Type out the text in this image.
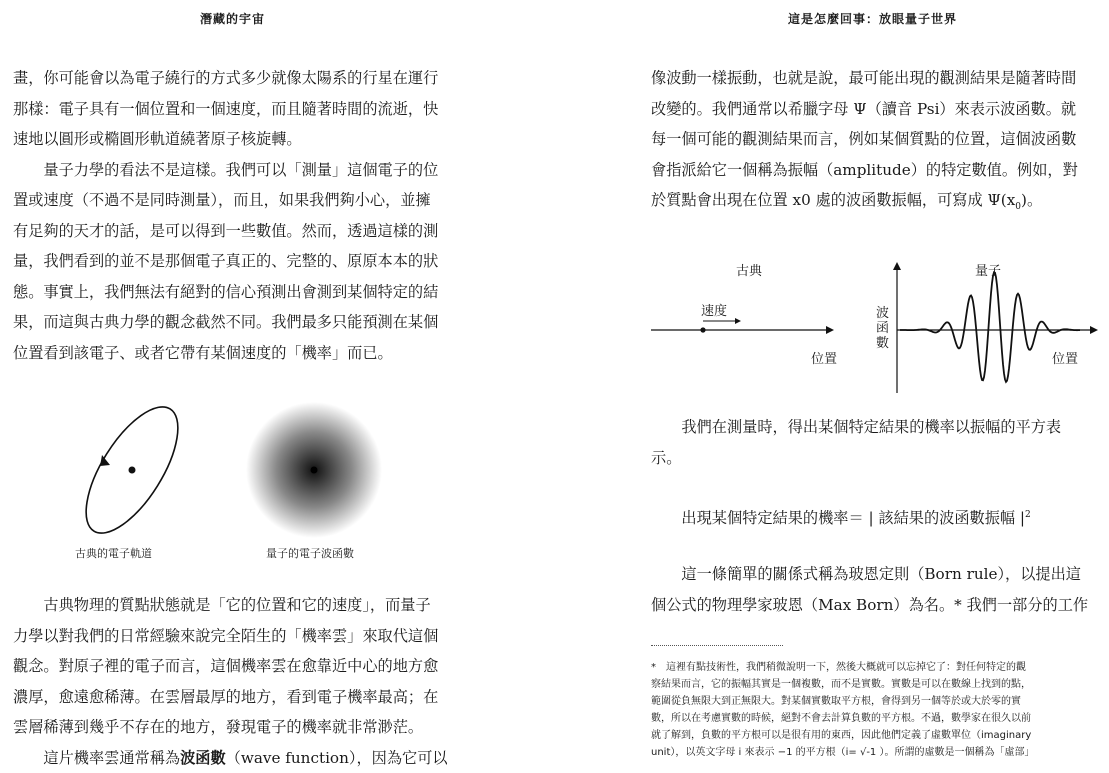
潛藏的宇宙
畫，你可能會以為電子繞行的方式多少就像太陽系的行星在運行
那樣：電子具有一個位置和一個速度，而且隨著時間的流逝，快
速地以圓形或橢圓形軌道繞著原子核旋轉。
量子力學的看法不是這樣。我們可以「測量」這個電子的位
置或速度（不過不是同時測量），而且，如果我們夠小心，並擁
有足夠的天才的話，是可以得到一些數值。然而，透過這樣的測
量，我們看到的並不是那個電子真正的、完整的、原原本本的狀
態。事實上，我們無法有絕對的信心預測出會測到某個特定的結
果，而這與古典力學的觀念截然不同。我們最多只能預測在某個
位置看到該電子、或者它帶有某個速度的「機率」而已。
古典的電子軌道	量子的電子波函數
古典物理的質點狀態就是「它的位置和它的速度」，而量子
力學以對我們的日常經驗來說完全陌生的「機率雲」來取代這個
觀念。對原子裡的電子而言，這個機率雲在愈靠近中心的地方愈
濃厚，愈遠愈稀薄。在雲層最厚的地方，看到電子機率最高；在
雲層稀薄到幾乎不存在的地方，發現電子的機率就非常渺茫。
這片機率雲通常稱為波函數（wave function），因為它可以
這是怎麼回事：放眼量子世界
像波動一樣振動，也就是說，最可能出現的觀測結果是隨著時間
改變的。我們通常以希臘字母 Ψ（讀音 Psi）來表示波函數。就
每一個可能的觀測結果而言，例如某個質點的位置，這個波函數
會指派給它一個稱為振幅（amplitude）的特定數值。例如，對
於質點會出現在位置 x0 處的波函數振幅，可寫成 $\Psi(x_0)$。
古典	量子
速度
位置	位置
波
函
數
我們在測量時，得出某個特定結果的機率以振幅的平方表
示。
出現某個特定結果的機率＝ | 該結果的波函數振幅 $|^2$
這一條簡單的關係式稱為玻恩定則（Born rule），以提出這
個公式的物理學家玻恩（Max Born）為名。* 我們一部分的工作
*　這裡有點技術性，我們稍微說明一下，然後大概就可以忘掉它了：對任何特定的觀
察結果而言，它的振幅其實是一個複數，而不是實數。實數是可以在數線上找到的點，
範圍從負無限大到正無限大。對某個實數取平方根，會得到另一個等於或大於零的實
數，所以在考慮實數的時候，絕對不會去計算負數的平方根。不過，數學家在很久以前
就了解到，負數的平方根可以是很有用的東西，因此他們定義了虛數單位（imaginary
unit），以英文字母 i 來表示 −1 的平方根（i= √-1 ）。所謂的虛數是一個稱為「虛部」
